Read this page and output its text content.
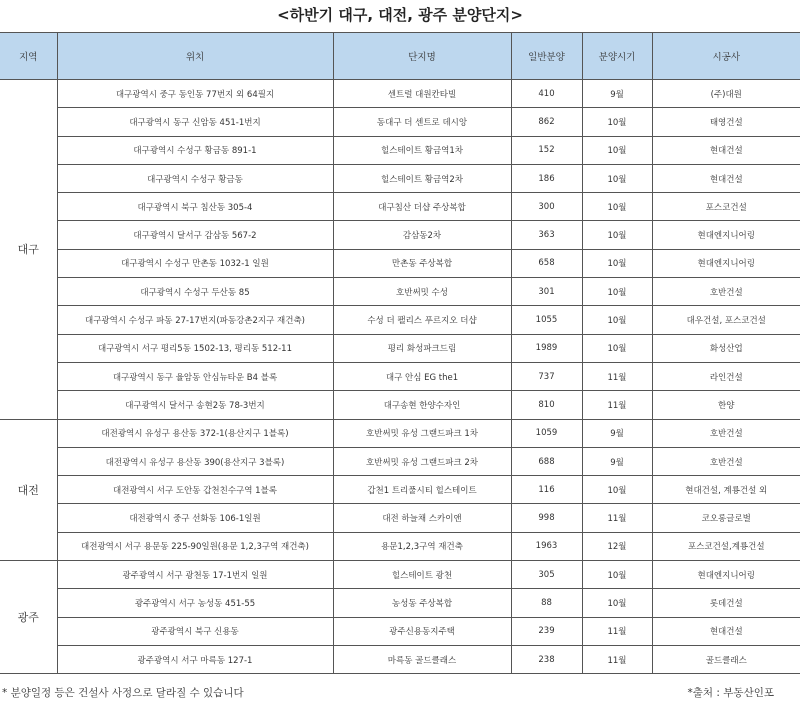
<하반기 대구, 대전, 광주 분양단지>
지역	위치	단지명	일반분양	분양시기	시공사
대구	대구광역시 중구 동인동 77번지 외 64필지	센트럴 대원칸타빌	410	9월	(주)대원
	대구광역시 동구 신암동 451-1번지	동대구 더 센트로 데시앙	862	10월	태영건설
	대구광역시 수성구 황금동 891-1	힐스테이트 황금역1차	152	10월	현대건설
	대구광역시 수성구 황금동	힐스테이트 황금역2차	186	10월	현대건설
	대구광역시 북구 침산동 305-4	대구침산 더샵 주상복합	300	10월	포스코건설
	대구광역시 달서구 감삼동 567-2	감삼동2차	363	10월	현대엔지니어링
	대구광역시 수성구 만촌동 1032-1 일원	만촌동 주상복합	658	10월	현대엔지니어링
	대구광역시 수성구 두산동 85	호반써밋 수성	301	10월	호반건설
	대구광역시 수성구 파동 27-17번지(파동강촌2지구 재건축)	수성 더 팰리스 푸르지오 더샵	1055	10월	대우건설, 포스코건설
	대구광역시 서구 평리5동 1502-13, 평리동 512-11	평리 화성파크드림	1989	10월	화성산업
	대구광역시 동구 율암동 안심뉴타운 B4 블록	대구 안심 EG the1	737	11월	라인건설
	대구광역시 달서구 송현2동 78-3번지	대구송현 한양수자인	810	11월	한양
대전	대전광역시 유성구 용산동 372-1(용산지구 1블록)	호반써밋 유성 그랜드파크 1차	1059	9월	호반건설
	대전광역시 유성구 용산동 390(용산지구 3블록)	호반써밋 유성 그랜드파크 2차	688	9월	호반건설
	대전광역시 서구 도안동 갑천친수구역 1블록	갑천1 트리풀시티 힐스테이트	116	10월	현대건설, 계룡건설 외
	대전광역시 중구 선화동 106-1일원	대전 하늘채 스카이앤	998	11월	코오롱글로벌
	대전광역시 서구 용문동 225-90일원(용문 1,2,3구역 재건축)	용문1,2,3구역 재건축	1963	12월	포스코건설,계룡건설
광주	광주광역시 서구 광천동 17-1번지 일원	힐스테이트 광천	305	10월	현대엔지니어링
	광주광역시 서구 농성동 451-55	농성동 주상복합	88	10월	롯데건설
	광주광역시 북구 신용동	광주신용동지주택	239	11월	현대건설
	광주광역시 서구 마륵동 127-1	마륵동 골드클래스	238	11월	골드클래스
* 분양일정 등은 건설사 사정으로 달라질 수 있습니다	*출처 : 부동산인포
